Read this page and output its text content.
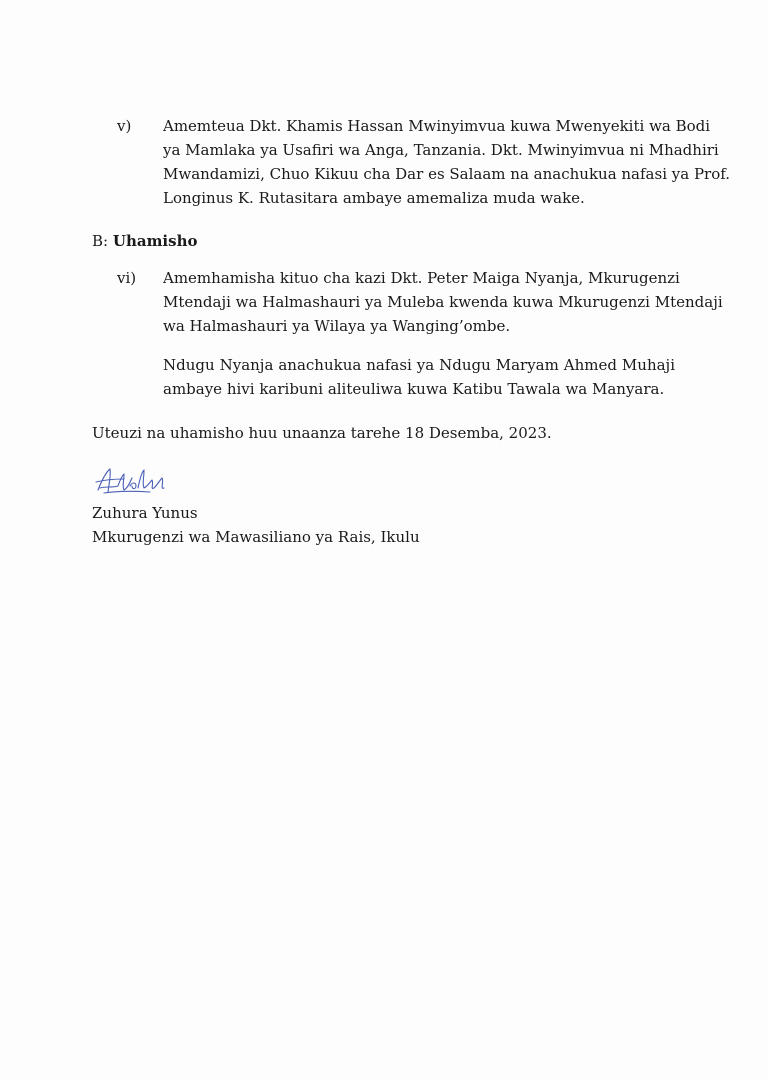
v) Amemteua Dkt. Khamis Hassan Mwinyimvua kuwa Mwenyekiti wa Bodi
ya Mamlaka ya Usafiri wa Anga, Tanzania. Dkt. Mwinyimvua ni Mhadhiri
Mwandamizi, Chuo Kikuu cha Dar es Salaam na anachukua nafasi ya Prof.
Longinus K. Rutasitara ambaye amemaliza muda wake.
B: Uhamisho
vi) Amemhamisha kituo cha kazi Dkt. Peter Maiga Nyanja, Mkurugenzi
Mtendaji wa Halmashauri ya Muleba kwenda kuwa Mkurugenzi Mtendaji
wa Halmashauri ya Wilaya ya Wanging’ombe.
Ndugu Nyanja anachukua nafasi ya Ndugu Maryam Ahmed Muhaji
ambaye hivi karibuni aliteuliwa kuwa Katibu Tawala wa Manyara.
Uteuzi na uhamisho huu unaanza tarehe 18 Desemba, 2023.
Zuhura Yunus
Mkurugenzi wa Mawasiliano ya Rais, Ikulu
